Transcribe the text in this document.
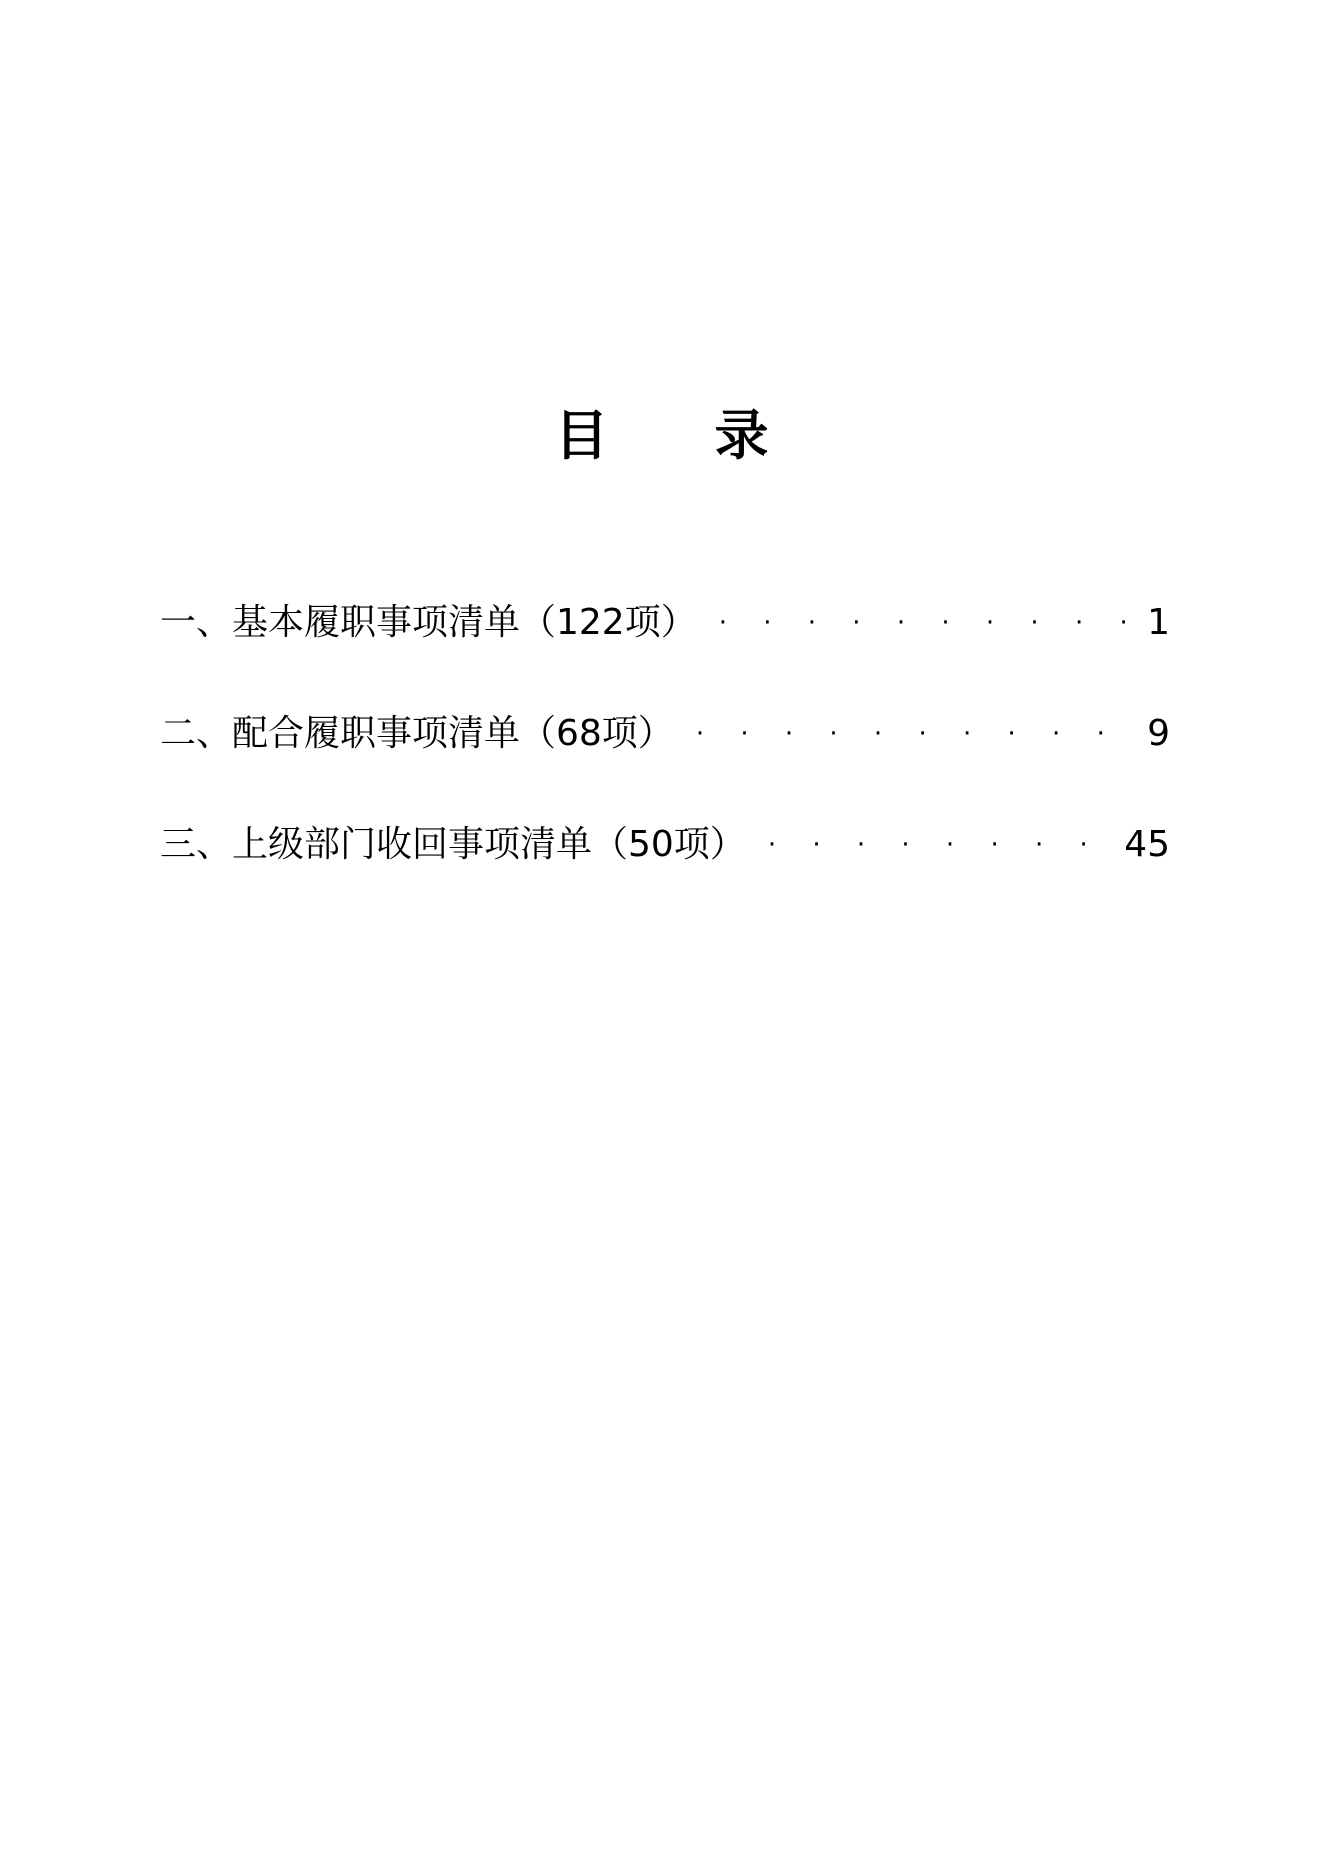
目 录
一、基本履职事项清单（122项） · · ·	1
二、配合履职事项清单（68项） · · ·	9
三、上级部门收回事项清单（50项） · · ·	45
